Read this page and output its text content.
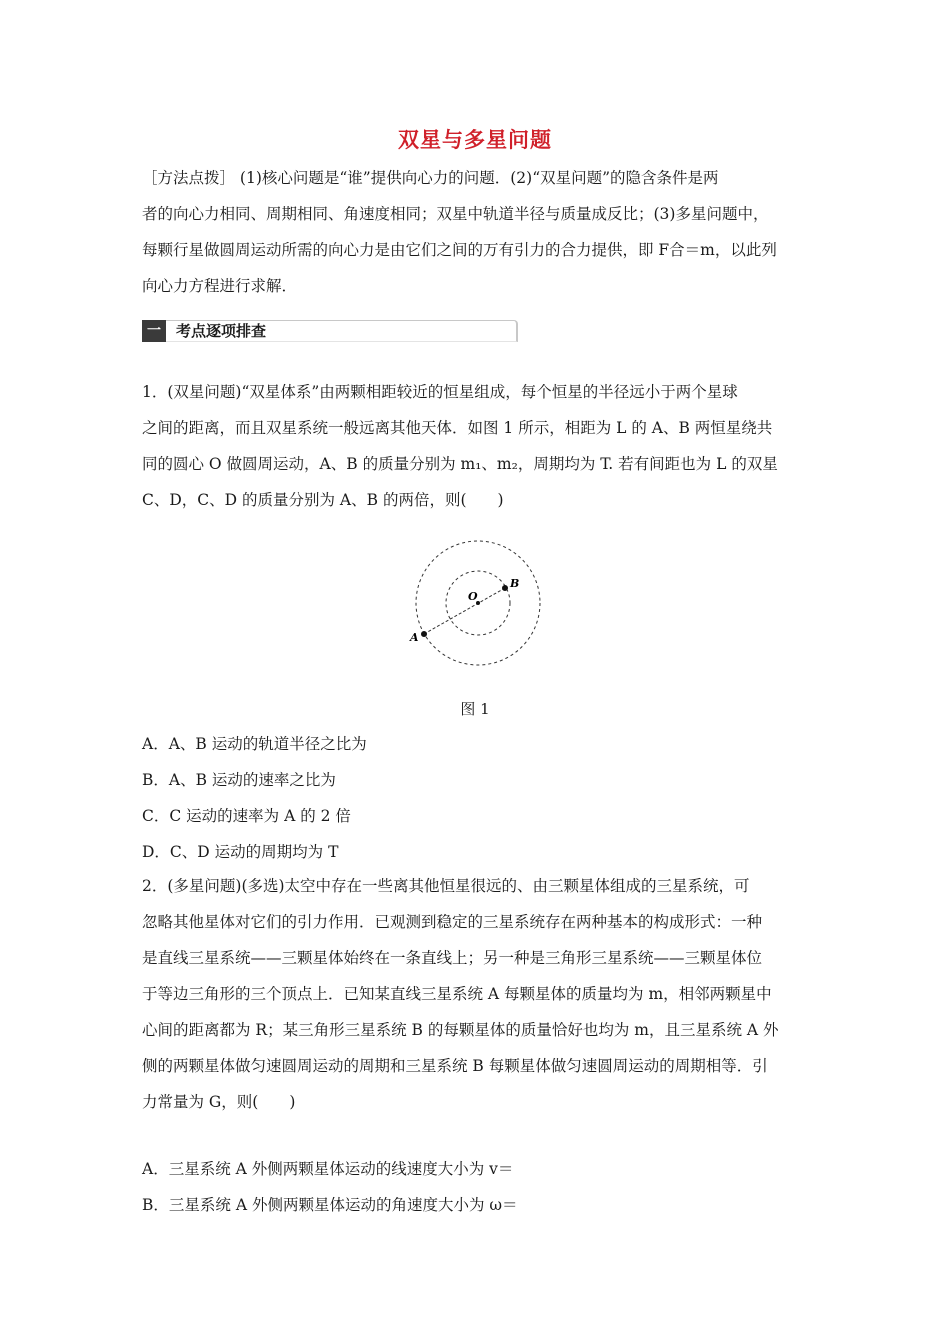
双星与多星问题
［方法点拨］ (1)核心问题是“谁”提供向心力的问题．(2)“双星问题”的隐含条件是两
者的向心力相同、周期相同、角速度相同；双星中轨道半径与质量成反比；(3)多星问题中，
每颗行星做圆周运动所需的向心力是由它们之间的万有引力的合力提供，即 F合＝m，以此列
向心力方程进行求解．
一	考点逐项排查
1．(双星问题)“双星体系”由两颗相距较近的恒星组成，每个恒星的半径远小于两个星球
之间的距离，而且双星系统一般远离其他天体．如图 1 所示，相距为 L 的 A、B 两恒星绕共
同的圆心 O 做圆周运动，A、B 的质量分别为 m₁、m₂，周期均为 T. 若有间距也为 L 的双星
C、D，C、D 的质量分别为 A、B 的两倍，则(　　)
A
B
O
图 1
A．A、B 运动的轨道半径之比为
B．A、B 运动的速率之比为
C．C 运动的速率为 A 的 2 倍
D．C、D 运动的周期均为 T
2．(多星问题)(多选)太空中存在一些离其他恒星很远的、由三颗星体组成的三星系统，可
忽略其他星体对它们的引力作用．已观测到稳定的三星系统存在两种基本的构成形式：一种
是直线三星系统——三颗星体始终在一条直线上；另一种是三角形三星系统——三颗星体位
于等边三角形的三个顶点上．已知某直线三星系统 A 每颗星体的质量均为 m，相邻两颗星中
心间的距离都为 R；某三角形三星系统 B 的每颗星体的质量恰好也均为 m，且三星系统 A 外
侧的两颗星体做匀速圆周运动的周期和三星系统 B 每颗星体做匀速圆周运动的周期相等．引
力常量为 G，则(　　)
A．三星系统 A 外侧两颗星体运动的线速度大小为 v＝
B．三星系统 A 外侧两颗星体运动的角速度大小为 ω＝
